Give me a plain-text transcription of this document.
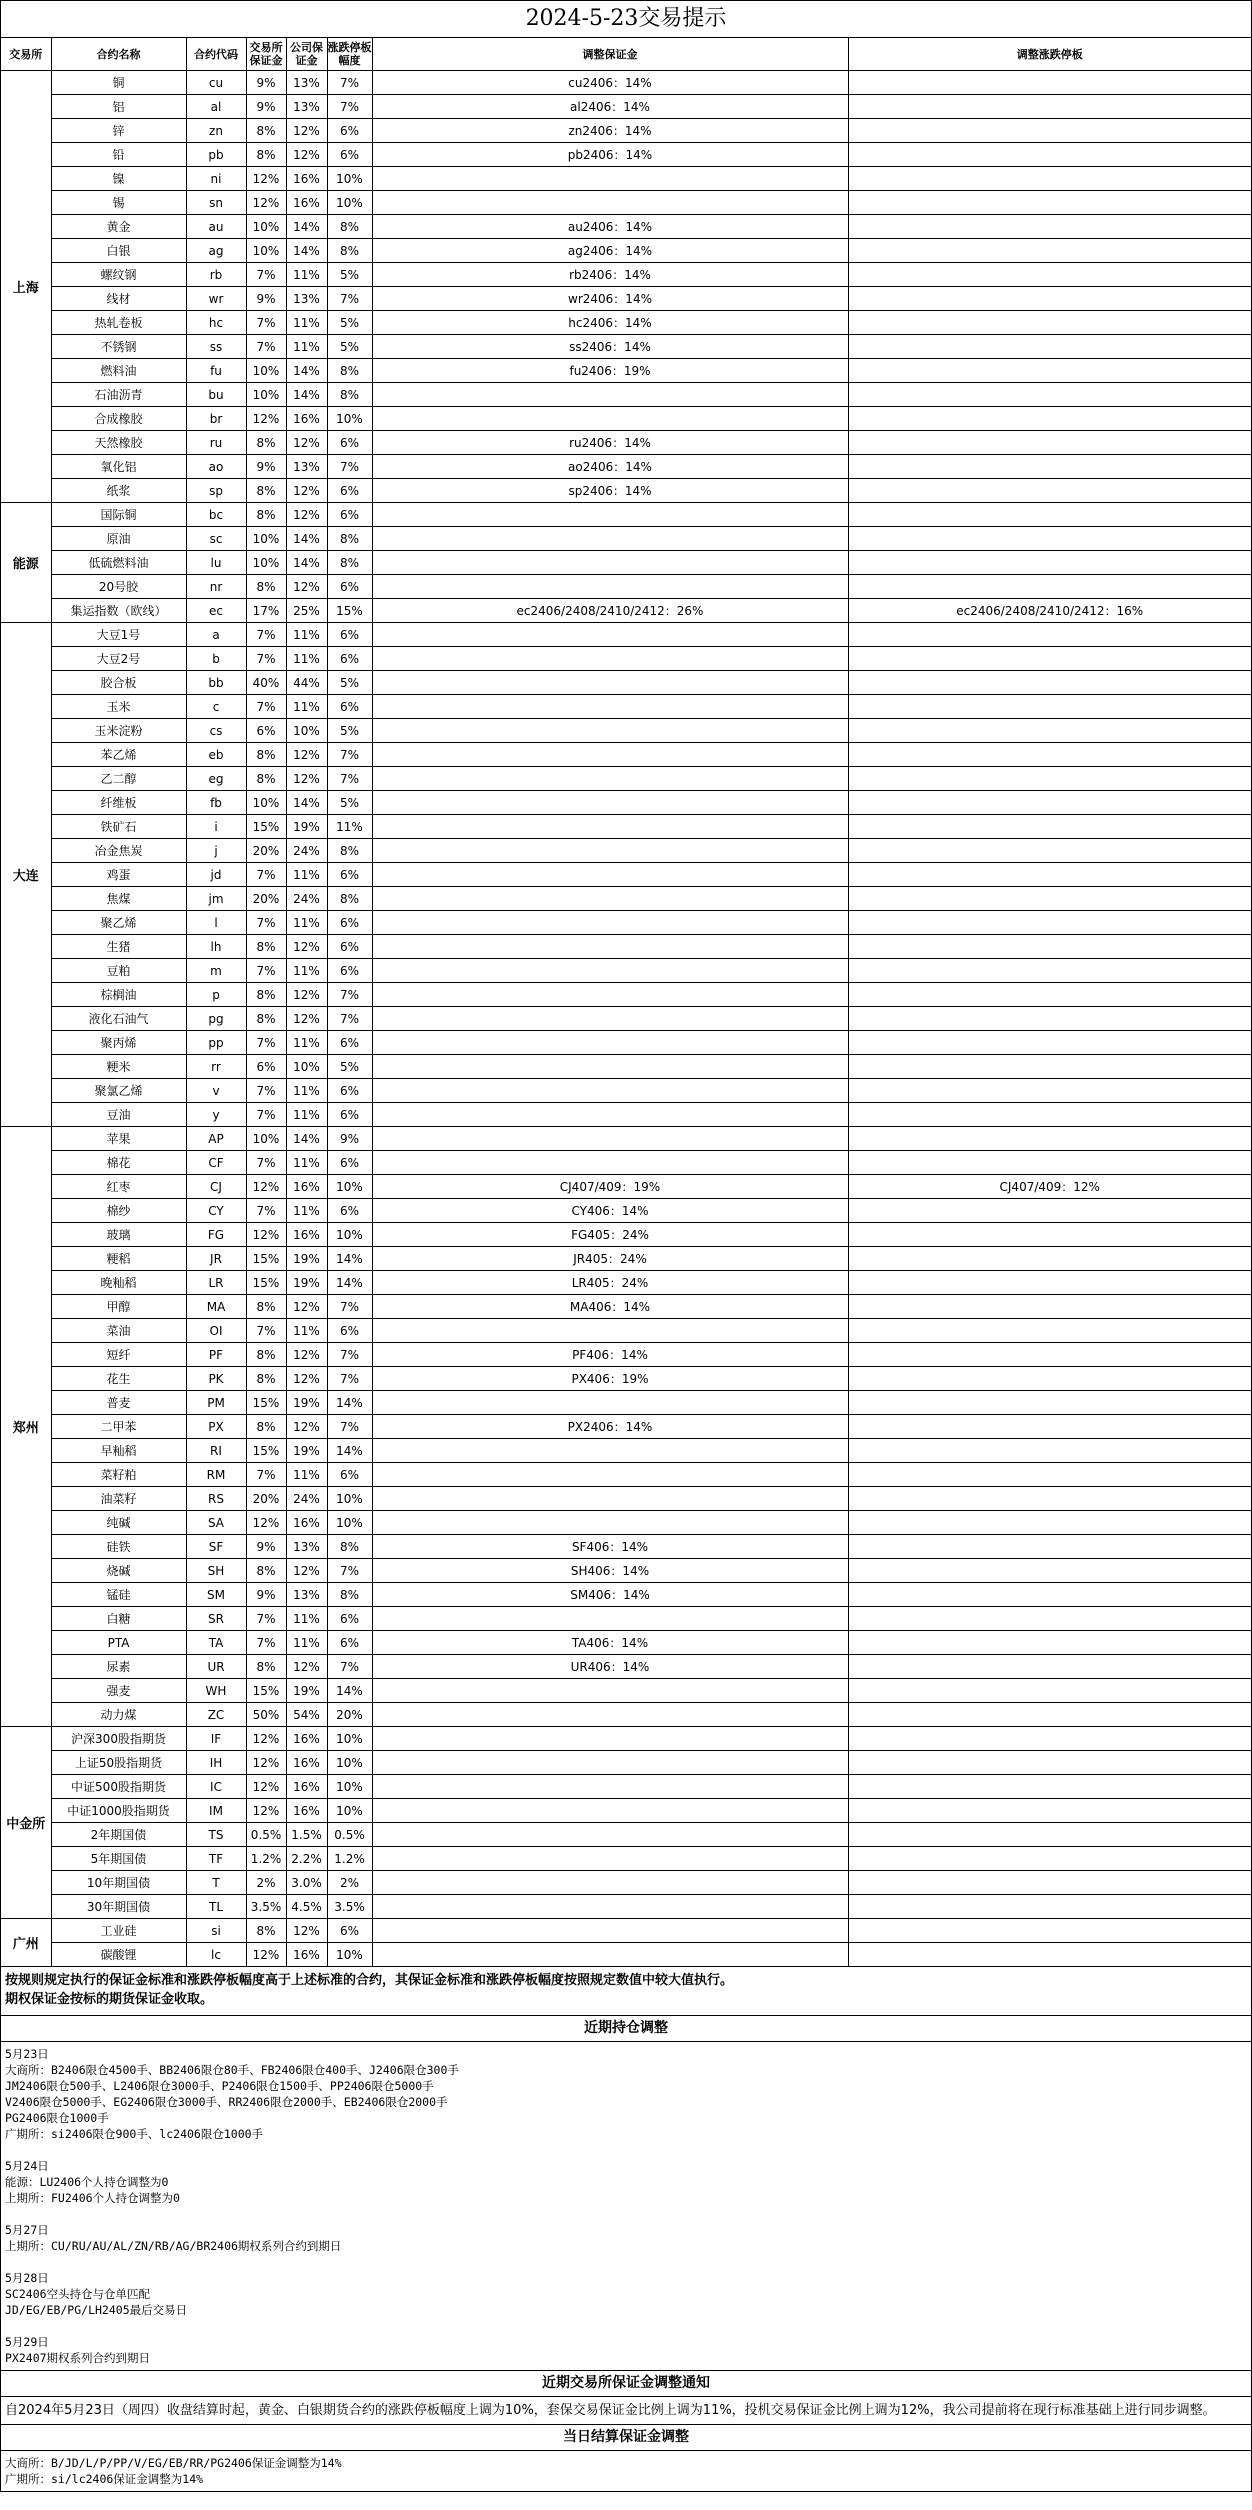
2024-5-23交易提示
交易所	合约名称	合约代码	交易所保证金	公司保证金	涨跌停板幅度	调整保证金	调整涨跌停板
上海	铜	cu	9%	13%	7%	cu2406：14%	
	铝	al	9%	13%	7%	al2406：14%	
	锌	zn	8%	12%	6%	zn2406：14%	
	铅	pb	8%	12%	6%	pb2406：14%	
	镍	ni	12%	16%	10%		
	锡	sn	12%	16%	10%		
	黄金	au	10%	14%	8%	au2406：14%	
	白银	ag	10%	14%	8%	ag2406：14%	
	螺纹钢	rb	7%	11%	5%	rb2406：14%	
	线材	wr	9%	13%	7%	wr2406：14%	
	热轧卷板	hc	7%	11%	5%	hc2406：14%	
	不锈钢	ss	7%	11%	5%	ss2406：14%	
	燃料油	fu	10%	14%	8%	fu2406：19%	
	石油沥青	bu	10%	14%	8%		
	合成橡胶	br	12%	16%	10%		
	天然橡胶	ru	8%	12%	6%	ru2406：14%	
	氧化铝	ao	9%	13%	7%	ao2406：14%	
	纸浆	sp	8%	12%	6%	sp2406：14%	
能源	国际铜	bc	8%	12%	6%		
	原油	sc	10%	14%	8%		
	低硫燃料油	lu	10%	14%	8%		
	20号胶	nr	8%	12%	6%		
	集运指数（欧线）	ec	17%	25%	15%	ec2406/2408/2410/2412：26%	ec2406/2408/2410/2412：16%
大连	大豆1号	a	7%	11%	6%		
	大豆2号	b	7%	11%	6%		
	胶合板	bb	40%	44%	5%		
	玉米	c	7%	11%	6%		
	玉米淀粉	cs	6%	10%	5%		
	苯乙烯	eb	8%	12%	7%		
	乙二醇	eg	8%	12%	7%		
	纤维板	fb	10%	14%	5%		
	铁矿石	i	15%	19%	11%		
	冶金焦炭	j	20%	24%	8%		
	鸡蛋	jd	7%	11%	6%		
	焦煤	jm	20%	24%	8%		
	聚乙烯	l	7%	11%	6%		
	生猪	lh	8%	12%	6%		
	豆粕	m	7%	11%	6%		
	棕榈油	p	8%	12%	7%		
	液化石油气	pg	8%	12%	7%		
	聚丙烯	pp	7%	11%	6%		
	粳米	rr	6%	10%	5%		
	聚氯乙烯	v	7%	11%	6%		
	豆油	y	7%	11%	6%		
郑州	苹果	AP	10%	14%	9%		
	棉花	CF	7%	11%	6%		
	红枣	CJ	12%	16%	10%	CJ407/409：19%	CJ407/409：12%
	棉纱	CY	7%	11%	6%	CY406：14%	
	玻璃	FG	12%	16%	10%	FG405：24%	
	粳稻	JR	15%	19%	14%	JR405：24%	
	晚籼稻	LR	15%	19%	14%	LR405：24%	
	甲醇	MA	8%	12%	7%	MA406：14%	
	菜油	OI	7%	11%	6%		
	短纤	PF	8%	12%	7%	PF406：14%	
	花生	PK	8%	12%	7%	PX406：19%	
	普麦	PM	15%	19%	14%		
	二甲苯	PX	8%	12%	7%	PX2406：14%	
	早籼稻	RI	15%	19%	14%		
	菜籽粕	RM	7%	11%	6%		
	油菜籽	RS	20%	24%	10%		
	纯碱	SA	12%	16%	10%		
	硅铁	SF	9%	13%	8%	SF406：14%	
	烧碱	SH	8%	12%	7%	SH406：14%	
	锰硅	SM	9%	13%	8%	SM406：14%	
	白糖	SR	7%	11%	6%		
	PTA	TA	7%	11%	6%	TA406：14%	
	尿素	UR	8%	12%	7%	UR406：14%	
	强麦	WH	15%	19%	14%		
	动力煤	ZC	50%	54%	20%		
中金所	沪深300股指期货	IF	12%	16%	10%		
	上证50股指期货	IH	12%	16%	10%		
	中证500股指期货	IC	12%	16%	10%		
	中证1000股指期货	IM	12%	16%	10%		
	2年期国债	TS	0.5%	1.5%	0.5%		
	5年期国债	TF	1.2%	2.2%	1.2%		
	10年期国债	T	2%	3.0%	2%		
	30年期国债	TL	3.5%	4.5%	3.5%		
广州	工业硅	si	8%	12%	6%		
	碳酸锂	lc	12%	16%	10%		
按规则规定执行的保证金标准和涨跌停板幅度高于上述标准的合约，其保证金标准和涨跌停板幅度按照规定数值中较大值执行。
期权保证金按标的期货保证金收取。
近期持仓调整
5月23日
大商所：B2406限仓4500手、BB2406限仓80手、FB2406限仓400手、J2406限仓300手
JM2406限仓500手、L2406限仓3000手、P2406限仓1500手、PP2406限仓5000手
V2406限仓5000手、EG2406限仓3000手、RR2406限仓2000手、EB2406限仓2000手
PG2406限仓1000手
广期所：si2406限仓900手、lc2406限仓1000手
5月24日
能源：LU2406个人持仓调整为0
上期所：FU2406个人持仓调整为0
5月27日
上期所：CU/RU/AU/AL/ZN/RB/AG/BR2406期权系列合约到期日
5月28日
SC2406空头持仓与仓单匹配
JD/EG/EB/PG/LH2405最后交易日
5月29日
PX2407期权系列合约到期日
近期交易所保证金调整通知
自2024年5月23日（周四）收盘结算时起，黄金、白银期货合约的涨跌停板幅度上调为10%，套保交易保证金比例上调为11%，投机交易保证金比例上调为12%，我公司提前将在现行标准基础上进行同步调整。
当日结算保证金调整
大商所：B/JD/L/P/PP/V/EG/EB/RR/PG2406保证金调整为14%
广期所：si/lc2406保证金调整为14%
